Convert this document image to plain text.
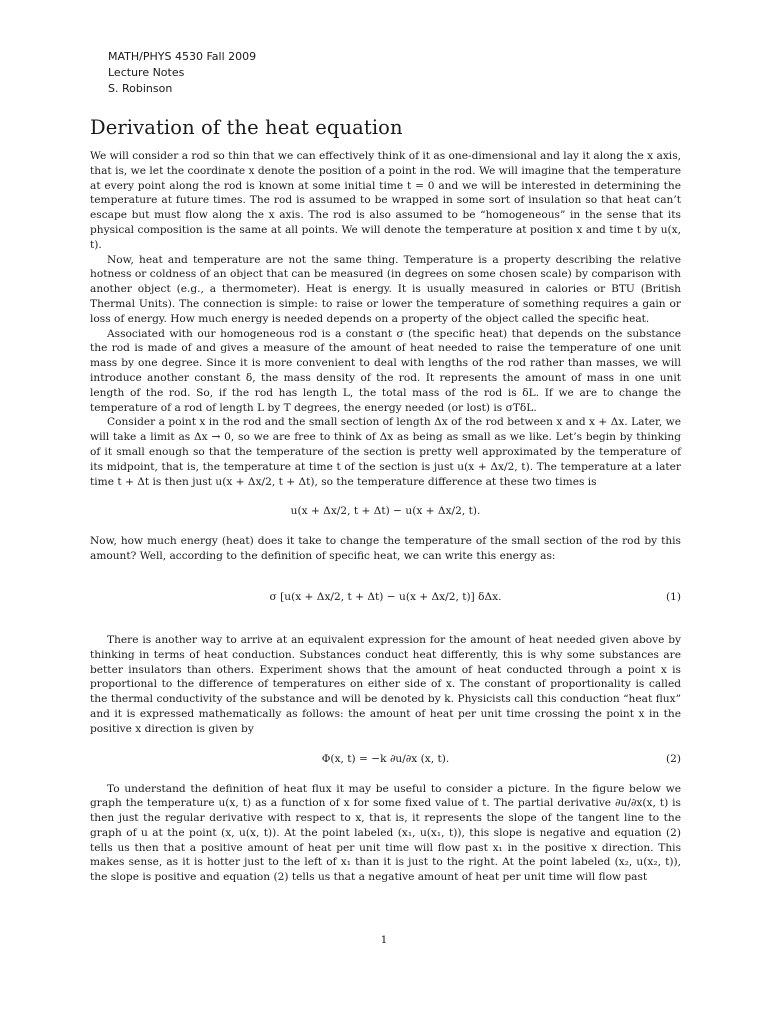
MATH/PHYS 4530 Fall 2009
Lecture Notes
S. Robinson
Derivation of the heat equation

We will consider a rod so thin that we can effectively think of it as one-dimensional and lay it along the x axis, that is, we let the coordinate x denote the position of a point in the rod. We will imagine that the temperature at every point along the rod is known at some initial time t = 0 and we will be interested in determining the temperature at future times. The rod is assumed to be wrapped in some sort of insulation so that heat can’t escape but must flow along the x axis. The rod is also assumed to be “homogeneous” in the sense that its physical composition is the same at all points. We will denote the temperature at position x and time t by u(x, t).

Now, heat and temperature are not the same thing. Temperature is a property describing the relative hotness or coldness of an object that can be measured (in degrees on some chosen scale) by comparison with another object (e.g., a thermometer). Heat is energy. It is usually measured in calories or BTU (British Thermal Units). The connection is simple: to raise or lower the temperature of something requires a gain or loss of energy. How much energy is needed depends on a property of the object called the specific heat.

Associated with our homogeneous rod is a constant σ (the specific heat) that depends on the substance the rod is made of and gives a measure of the amount of heat needed to raise the temperature of one unit mass by one degree. Since it is more convenient to deal with lengths of the rod rather than masses, we will introduce another constant δ, the mass density of the rod. It represents the amount of mass in one unit length of the rod. So, if the rod has length L, the total mass of the rod is δL. If we are to change the temperature of a rod of length L by T degrees, the energy needed (or lost) is σTδL.

Consider a point x in the rod and the small section of length Δx of the rod between x and x + Δx. Later, we will take a limit as Δx → 0, so we are free to think of Δx as being as small as we like. Let’s begin by thinking of it small enough so that the temperature of the section is pretty well approximated by the temperature of its midpoint, that is, the temperature at time t of the section is just u(x + Δx/2, t). The temperature at a later time t + Δt is then just u(x + Δx/2, t + Δt), so the temperature difference at these two times is

u(x + Δx/2, t + Δt) − u(x + Δx/2, t).

Now, how much energy (heat) does it take to change the temperature of the small section of the rod by this amount? Well, according to the definition of specific heat, we can write this energy as:

σ [u(x + Δx/2, t + Δt) − u(x + Δx/2, t)] δΔx.	(1)

There is another way to arrive at an equivalent expression for the amount of heat needed given above by thinking in terms of heat conduction. Substances conduct heat differently, this is why some substances are better insulators than others. Experiment shows that the amount of heat conducted through a point x is proportional to the difference of temperatures on either side of x. The constant of proportionality is called the thermal conductivity of the substance and will be denoted by k. Physicists call this conduction “heat flux” and it is expressed mathematically as follows: the amount of heat per unit time crossing the point x in the positive x direction is given by

Φ(x, t) = −k ∂u/∂x (x, t).	(2)

To understand the definition of heat flux it may be useful to consider a picture. In the figure below we graph the temperature u(x, t) as a function of x for some fixed value of t. The partial derivative ∂u/∂x(x, t) is then just the regular derivative with respect to x, that is, it represents the slope of the tangent line to the graph of u at the point (x, u(x, t)). At the point labeled (x₁, u(x₁, t)), this slope is negative and equation (2) tells us then that a positive amount of heat per unit time will flow past x₁ in the positive x direction. This makes sense, as it is hotter just to the left of x₁ than it is just to the right. At the point labeled (x₂, u(x₂, t)), the slope is positive and equation (2) tells us that a negative amount of heat per unit time will flow past

1
